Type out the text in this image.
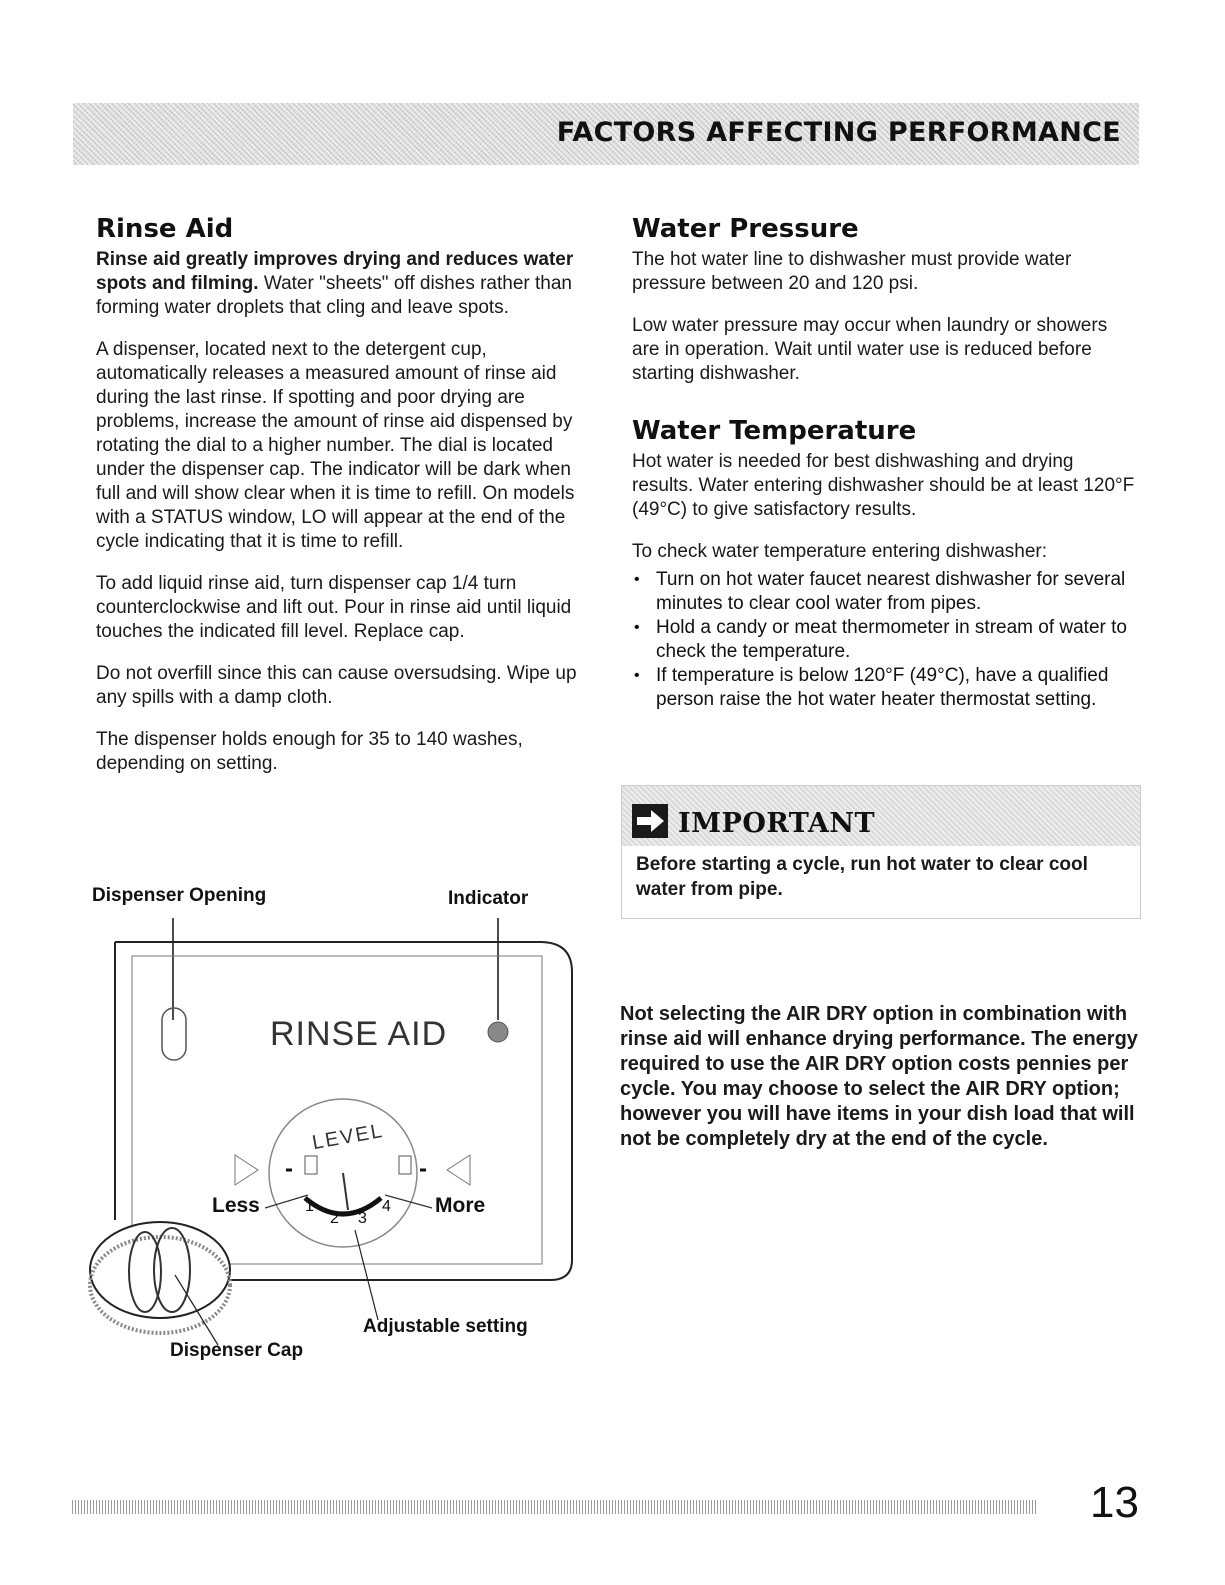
FACTORS AFFECTING PERFORMANCE
Rinse Aid

Rinse aid greatly improves drying and reduces water spots and filming. Water "sheets" off dishes rather than forming water droplets that cling and leave spots.

A dispenser, located next to the detergent cup, automatically releases a measured amount of rinse aid during the last rinse. If spotting and poor drying are problems, increase the amount of rinse aid dispensed by rotating the dial to a higher number. The dial is located under the dispenser cap. The indicator will be dark when full and will show clear when it is time to refill. On models with a STATUS window, LO will appear at the end of the cycle indicating that it is time to refill.

To add liquid rinse aid, turn dispenser cap 1/4 turn counterclockwise and lift out. Pour in rinse aid until liquid touches the indicated fill level. Replace cap.

Do not overfill since this can cause oversudsing. Wipe up any spills with a damp cloth.

The dispenser holds enough for 35 to 140 washes, depending on setting.

Dispenser Opening	Indicator
RINSE AID
LEVEL
Less	More
1
2 3
4
Adjustable setting
Dispenser Cap
Water Pressure

The hot water line to dishwasher must provide water pressure between 20 and 120 psi.

Low water pressure may occur when laundry or showers are in operation. Wait until water use is reduced before starting dishwasher.

Water Temperature

Hot water is needed for best dishwashing and drying results. Water entering dishwasher should be at least 120°F (49°C) to give satisfactory results.

To check water temperature entering dishwasher:

• Turn on hot water faucet nearest dishwasher for several minutes to clear cool water from pipes.
• Hold a candy or meat thermometer in stream of water to check the temperature.
• If temperature is below 120°F (49°C), have a qualified person raise the hot water heater thermostat setting.
IMPORTANT

Before starting a cycle, run hot water to clear cool water from pipe.

Not selecting the AIR DRY option in combination with rinse aid will enhance drying performance. The energy required to use the AIR DRY option costs pennies per cycle. You may choose to select the AIR DRY option; however you will have items in your dish load that will not be completely dry at the end of the cycle.

13
